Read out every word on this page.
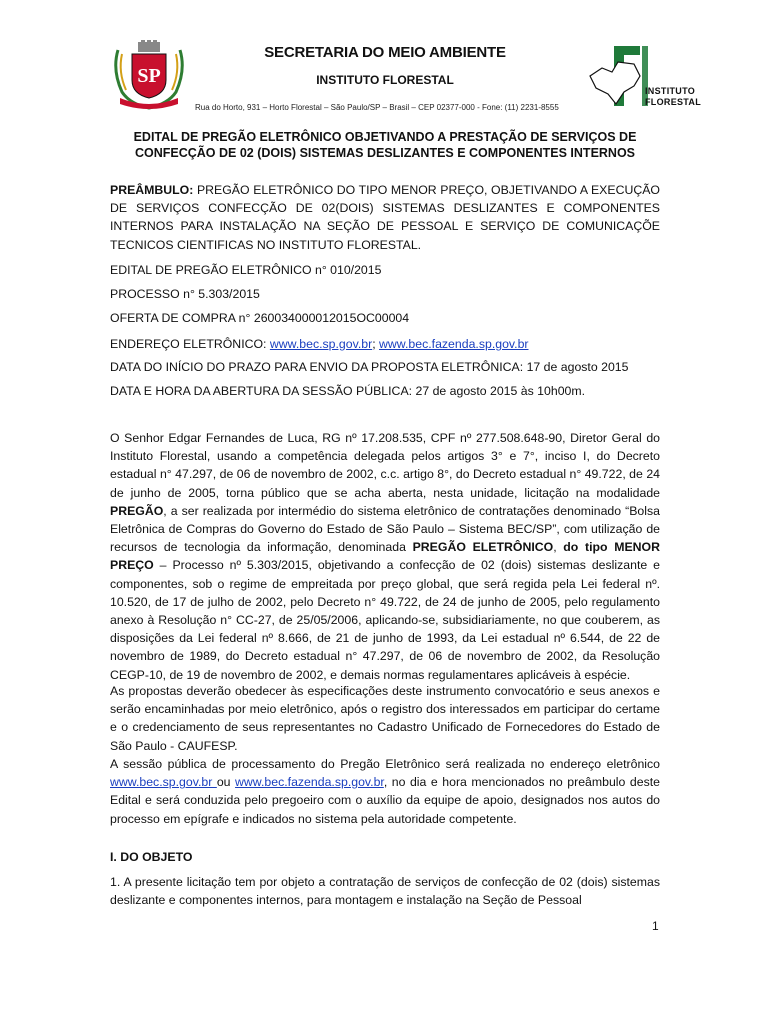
SP
SECRETARIA DO MEIO AMBIENTE
INSTITUTO FLORESTAL
Rua do Horto, 931 – Horto Florestal – São Paulo/SP – Brasil – CEP 02377-000 - Fone: (11) 2231-8555
INSTITUTO
FLORESTAL
EDITAL DE PREGÃO ELETRÔNICO OBJETIVANDO A PRESTAÇÃO DE SERVIÇOS DE
CONFECÇÃO DE 02 (DOIS) SISTEMAS DESLIZANTES E COMPONENTES INTERNOS
PREÂMBULO: PREGÃO ELETRÔNICO DO TIPO MENOR PREÇO, OBJETIVANDO A EXECUÇÃO DE SERVIÇOS CONFECÇÃO DE 02(DOIS) SISTEMAS DESLIZANTES E COMPONENTES INTERNOS PARA INSTALAÇÃO NA SEÇÃO DE PESSOAL E SERVIÇO DE COMUNICAÇÕE TECNICOS CIENTIFICAS NO INSTITUTO FLORESTAL.
EDITAL DE PREGÃO ELETRÔNICO n° 010/2015
PROCESSO n° 5.303/2015
OFERTA DE COMPRA n° 260034000012015OC00004
ENDEREÇO ELETRÔNICO: www.bec.sp.gov.br; www.bec.fazenda.sp.gov.br
DATA DO INÍCIO DO PRAZO PARA ENVIO DA PROPOSTA ELETRÔNICA: 17 de agosto 2015
DATA E HORA DA ABERTURA DA SESSÃO PÚBLICA: 27 de agosto 2015 às 10h00m.
O Senhor Edgar Fernandes de Luca, RG nº 17.208.535, CPF nº 277.508.648-90, Diretor Geral do Instituto Florestal, usando a competência delegada pelos artigos 3° e 7°, inciso I, do Decreto estadual n° 47.297, de 06 de novembro de 2002, c.c. artigo 8°, do Decreto estadual n° 49.722, de 24 de junho de 2005, torna público que se acha aberta, nesta unidade, licitação na modalidade PREGÃO, a ser realizada por intermédio do sistema eletrônico de contratações denominado “Bolsa Eletrônica de Compras do Governo do Estado de São Paulo – Sistema BEC/SP”, com utilização de recursos de tecnologia da informação, denominada PREGÃO ELETRÔNICO, do tipo MENOR PREÇO – Processo nº 5.303/2015, objetivando a confecção de 02 (dois) sistemas deslizante e componentes, sob o regime de empreitada por preço global, que será regida pela Lei federal nº. 10.520, de 17 de julho de 2002, pelo Decreto n° 49.722, de 24 de junho de 2005, pelo regulamento anexo à Resolução n° CC-27, de 25/05/2006, aplicando-se, subsidiariamente, no que couberem, as disposições da Lei federal nº 8.666, de 21 de junho de 1993, da Lei estadual nº 6.544, de 22 de novembro de 1989, do Decreto estadual n° 47.297, de 06 de novembro de 2002, da Resolução CEGP-10, de 19 de novembro de 2002, e demais normas regulamentares aplicáveis à espécie.
As propostas deverão obedecer às especificações deste instrumento convocatório e seus anexos e serão encaminhadas por meio eletrônico, após o registro dos interessados em participar do certame e o credenciamento de seus representantes no Cadastro Unificado de Fornecedores do Estado de São Paulo - CAUFESP.
A sessão pública de processamento do Pregão Eletrônico será realizada no endereço eletrônico www.bec.sp.gov.br ou www.bec.fazenda.sp.gov.br, no dia e hora mencionados no preâmbulo deste Edital e será conduzida pelo pregoeiro com o auxílio da equipe de apoio, designados nos autos do processo em epígrafe e indicados no sistema pela autoridade competente.
I. DO OBJETO
1. A presente licitação tem por objeto a contratação de serviços de confecção de 02 (dois) sistemas deslizante e componentes internos, para montagem e instalação na Seção de Pessoal
1
